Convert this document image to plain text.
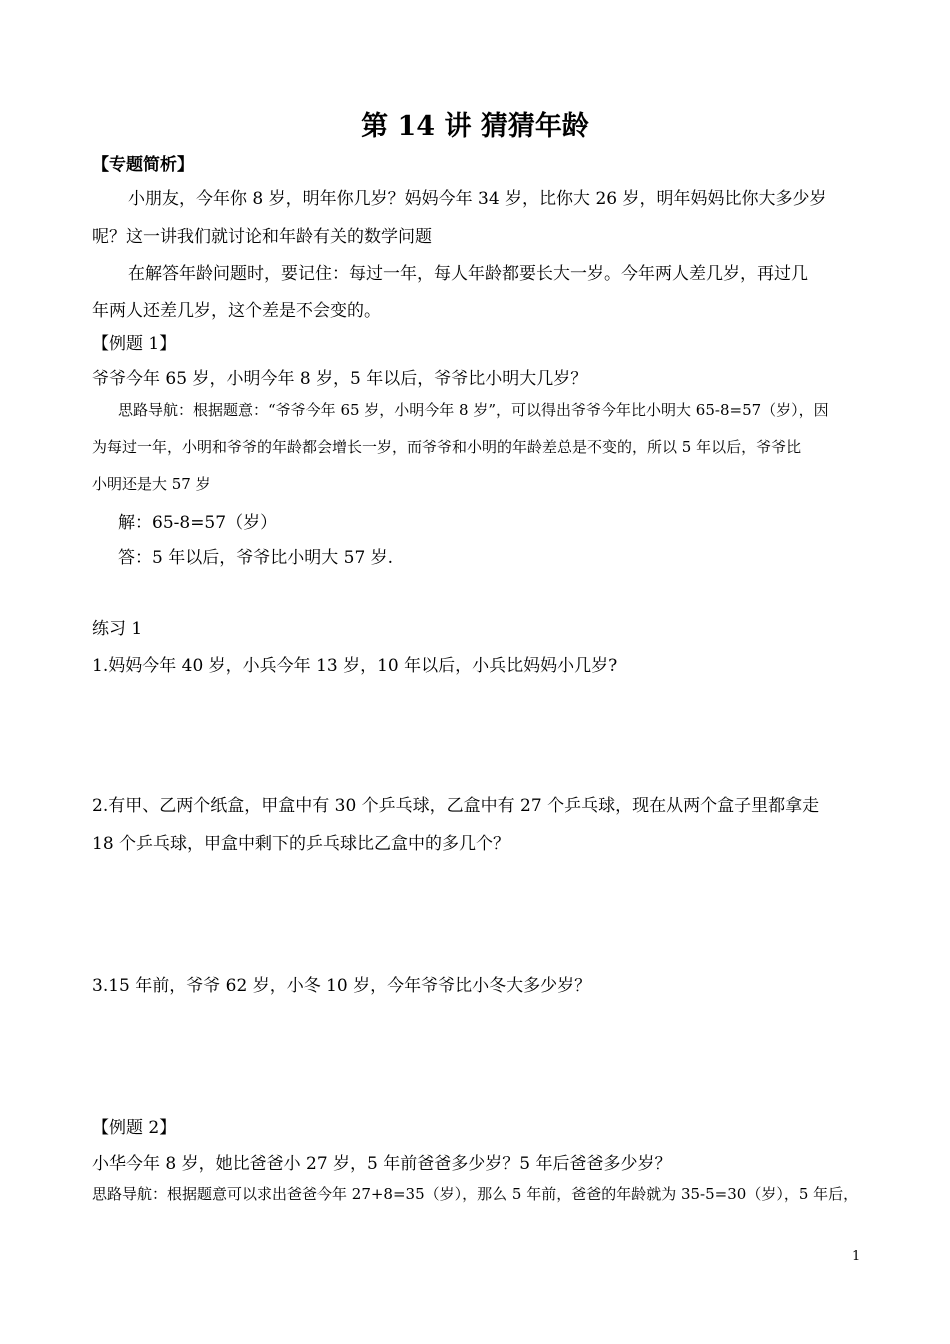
第 14 讲 猜猜年龄
【专题简析】
小朋友，今年你 8 岁，明年你几岁？妈妈今年 34 岁，比你大 26 岁，明年妈妈比你大多少岁
呢？这一讲我们就讨论和年龄有关的数学问题
在解答年龄问题时，要记住：每过一年，每人年龄都要长大一岁。今年两人差几岁，再过几
年两人还差几岁，这个差是不会变的。
【例题 1】
爷爷今年 65 岁，小明今年 8 岁，5 年以后，爷爷比小明大几岁？
思路导航：根据题意：“爷爷今年 65 岁，小明今年 8 岁”，可以得出爷爷今年比小明大 65-8=57（岁），因
为每过一年，小明和爷爷的年龄都会增长一岁，而爷爷和小明的年龄差总是不变的，所以 5 年以后，爷爷比
小明还是大 57 岁
解：65-8=57（岁）
答：5 年以后，爷爷比小明大 57 岁.
练习 1
1.妈妈今年 40 岁，小兵今年 13 岁，10 年以后，小兵比妈妈小几岁?
2.有甲、乙两个纸盒，甲盒中有 30 个乒乓球，乙盒中有 27 个乒乓球，现在从两个盒子里都拿走
18 个乒乓球，甲盒中剩下的乒乓球比乙盒中的多几个？
3.15 年前，爷爷 62 岁，小冬 10 岁，今年爷爷比小冬大多少岁？
【例题 2】
小华今年 8 岁，她比爸爸小 27 岁，5 年前爸爸多少岁？5 年后爸爸多少岁？
思路导航：根据题意可以求出爸爸今年 27+8=35（岁），那么 5 年前，爸爸的年龄就为 35-5=30（岁），5 年后，
1
